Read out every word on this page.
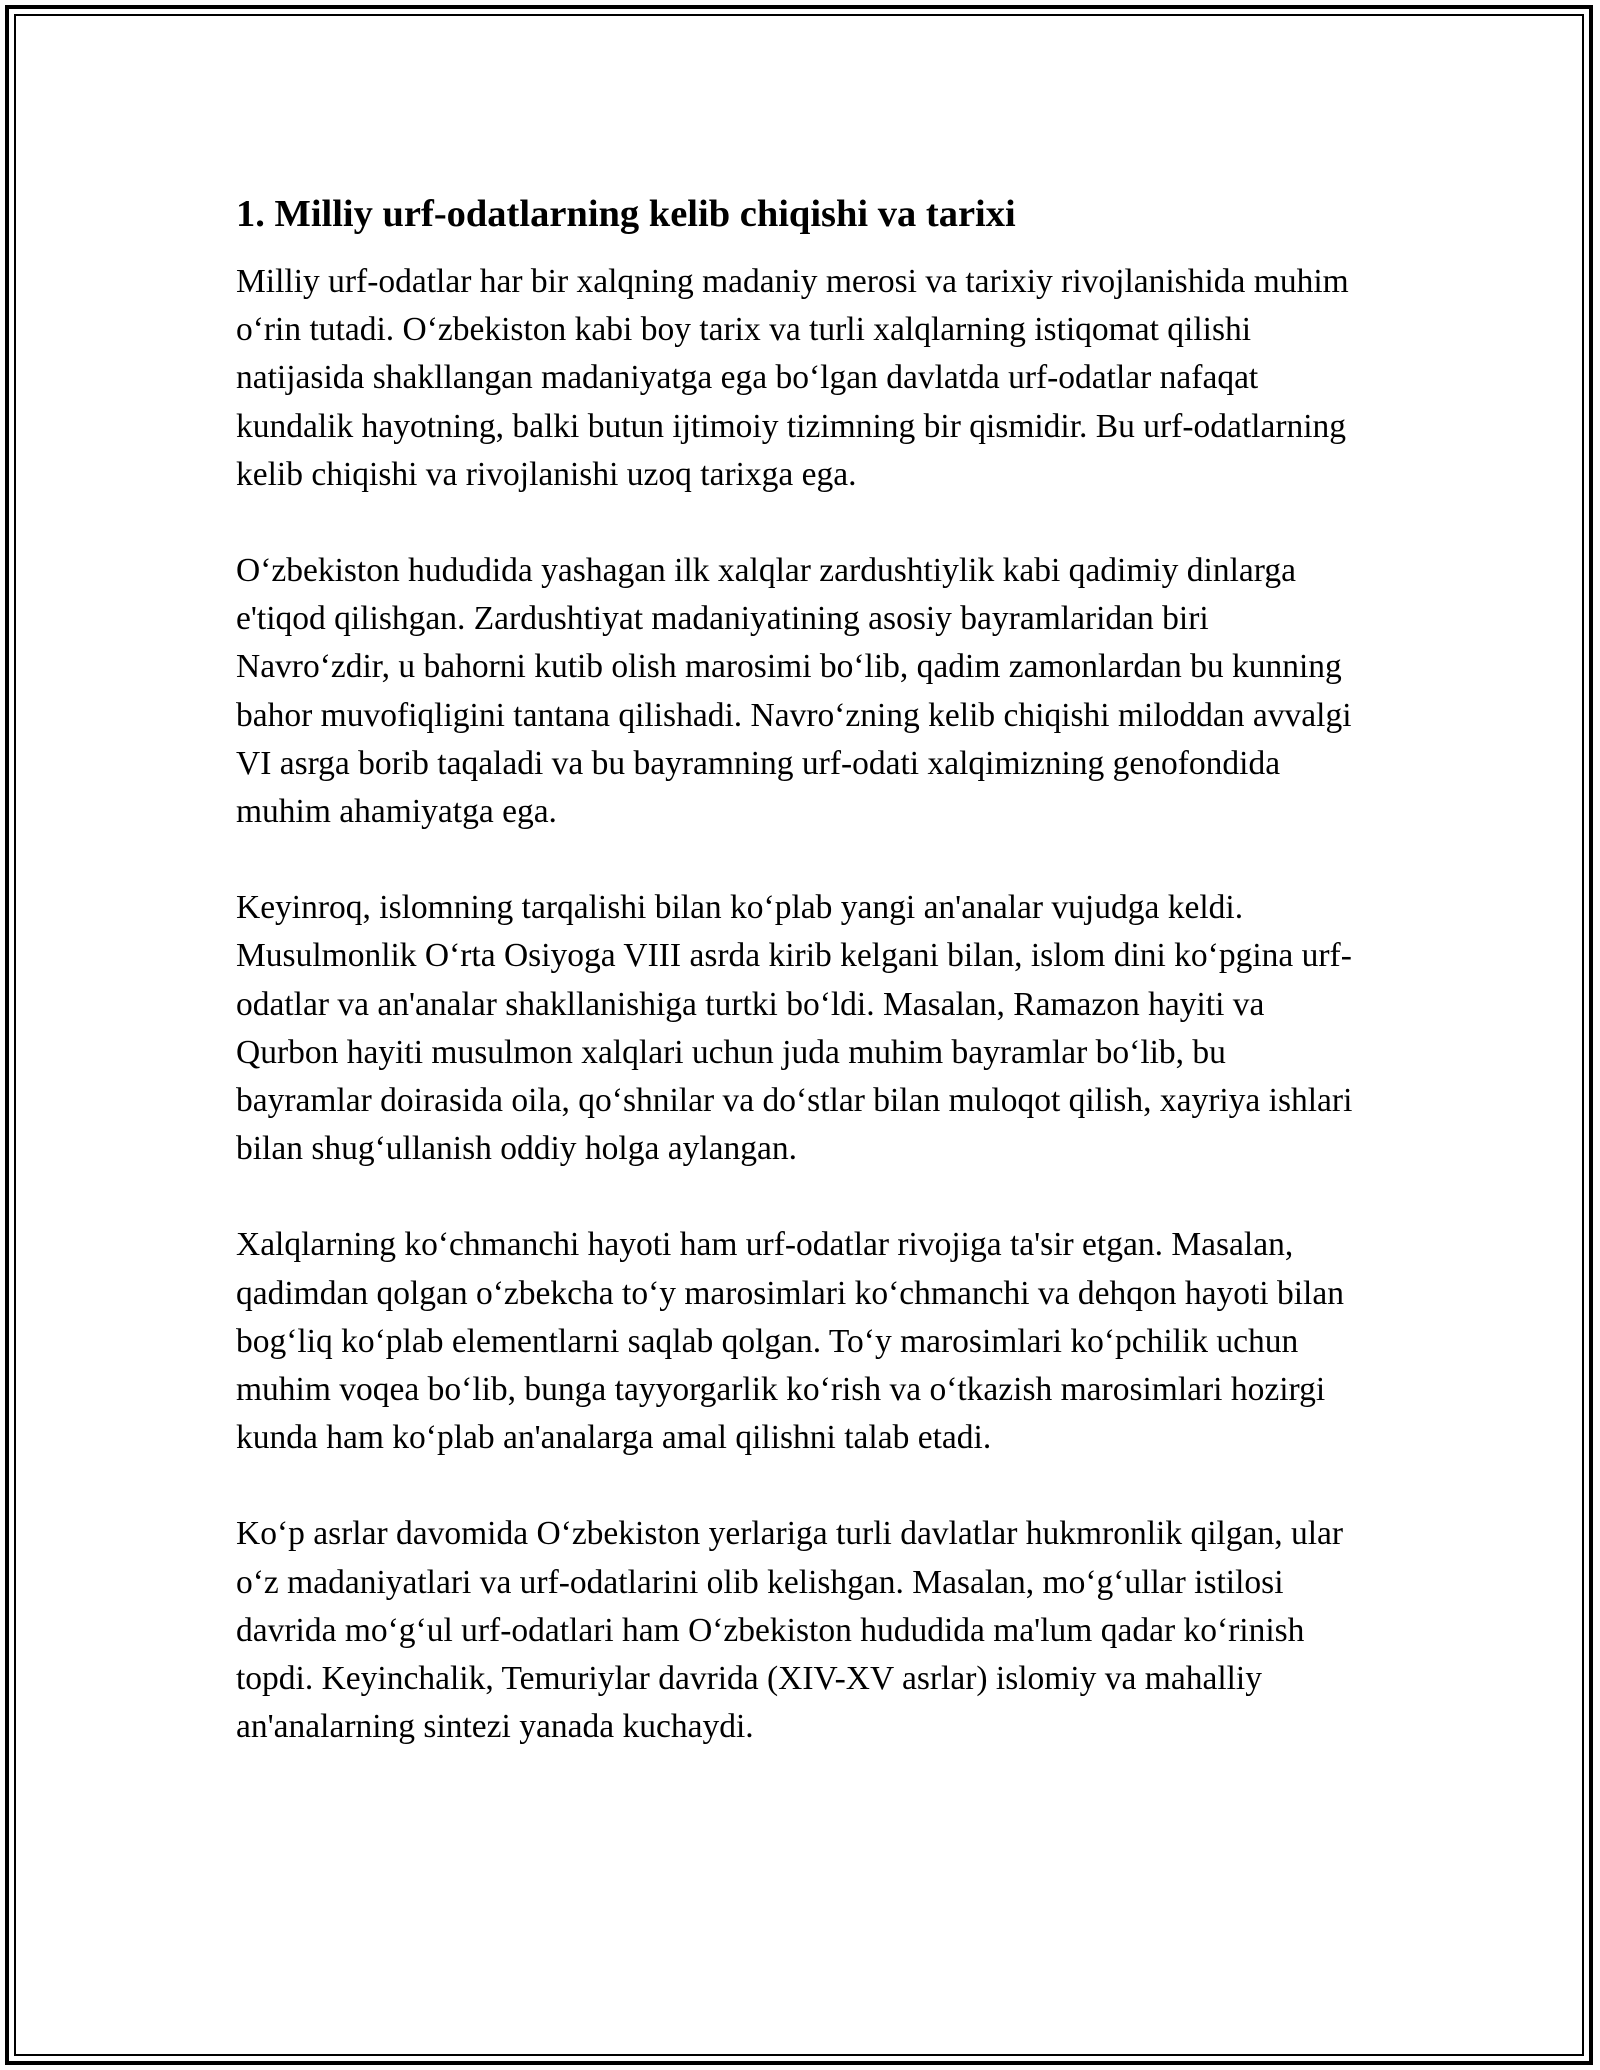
1. Milliy urf-odatlarning kelib chiqishi va tarixi

Milliy urf-odatlar har bir xalqning madaniy merosi va tarixiy rivojlanishida muhim oʻrin tutadi. Oʻzbekiston kabi boy tarix va turli xalqlarning istiqomat qilishi natijasida shakllangan madaniyatga ega boʻlgan davlatda urf-odatlar nafaqat kundalik hayotning, balki butun ijtimoiy tizimning bir qismidir. Bu urf-odatlarning kelib chiqishi va rivojlanishi uzoq tarixga ega.

Oʻzbekiston hududida yashagan ilk xalqlar zardushtiylik kabi qadimiy dinlarga e'tiqod qilishgan. Zardushtiyat madaniyatining asosiy bayramlaridan biri Navroʻzdir, u bahorni kutib olish marosimi boʻlib, qadim zamonlardan bu kunning bahor muvofiqligini tantana qilishadi. Navroʻzning kelib chiqishi miloddan avvalgi VI asrga borib taqaladi va bu bayramning urf-odati xalqimizning genofondida muhim ahamiyatga ega.

Keyinroq, islomning tarqalishi bilan koʻplab yangi an'analar vujudga keldi. Musulmonlik Oʻrta Osiyoga VIII asrda kirib kelgani bilan, islom dini koʻpgina urf-odatlar va an'analar shakllanishiga turtki boʻldi. Masalan, Ramazon hayiti va Qurbon hayiti musulmon xalqlari uchun juda muhim bayramlar boʻlib, bu bayramlar doirasida oila, qoʻshnilar va doʻstlar bilan muloqot qilish, xayriya ishlari bilan shugʻullanish oddiy holga aylangan.

Xalqlarning koʻchmanchi hayoti ham urf-odatlar rivojiga ta'sir etgan. Masalan, qadimdan qolgan oʻzbekcha toʻy marosimlari koʻchmanchi va dehqon hayoti bilan bogʻliq koʻplab elementlarni saqlab qolgan. Toʻy marosimlari koʻpchilik uchun muhim voqea boʻlib, bunga tayyorgarlik koʻrish va oʻtkazish marosimlari hozirgi kunda ham koʻplab an'analarga amal qilishni talab etadi.

Koʻp asrlar davomida Oʻzbekiston yerlariga turli davlatlar hukmronlik qilgan, ular oʻz madaniyatlari va urf-odatlarini olib kelishgan. Masalan, moʻgʻullar istilosi davrida moʻgʻul urf-odatlari ham Oʻzbekiston hududida ma'lum qadar koʻrinish topdi. Keyinchalik, Temuriylar davrida (XIV-XV asrlar) islomiy va mahalliy an'analarning sintezi yanada kuchaydi.
